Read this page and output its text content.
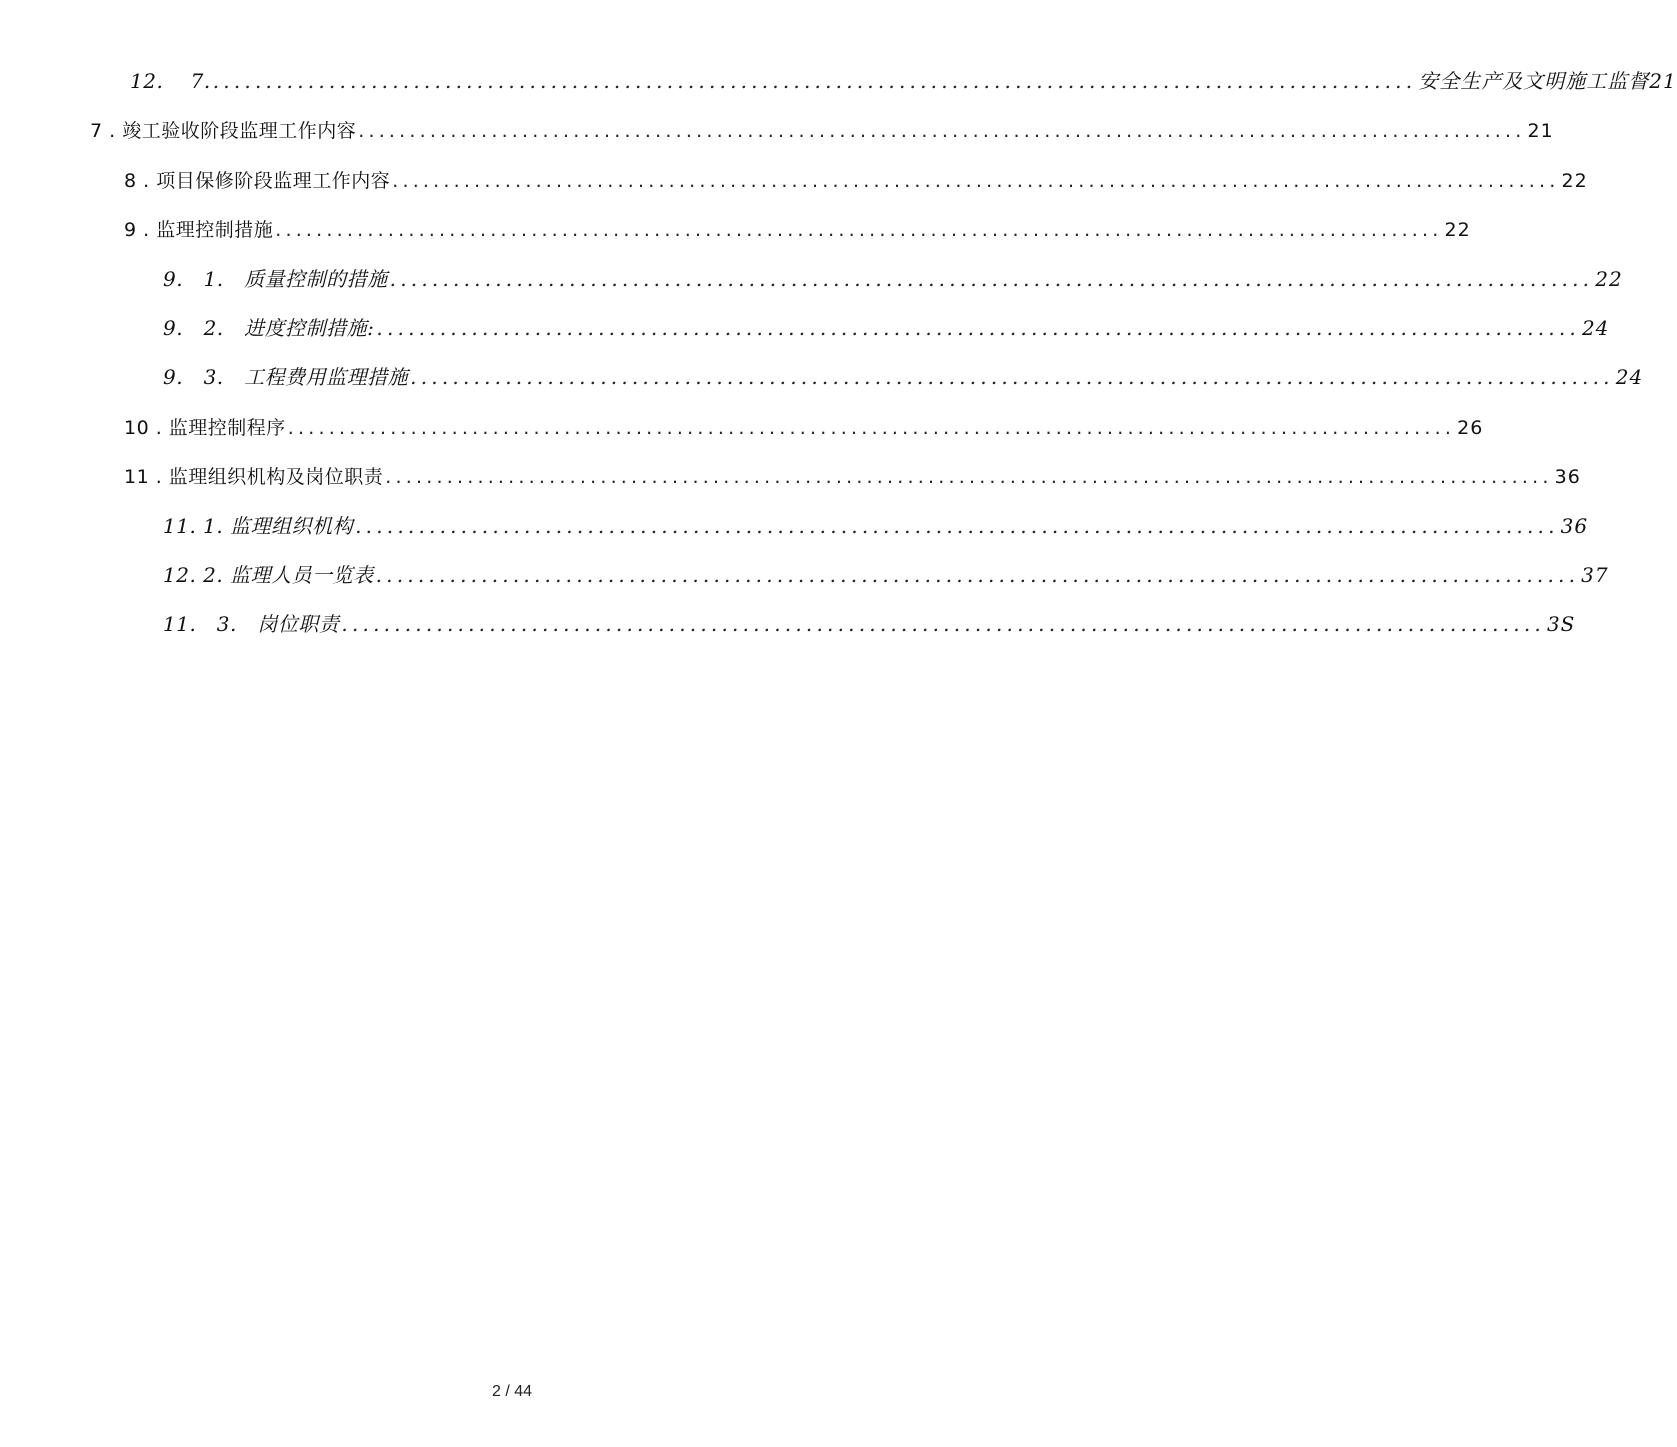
12.　 7. .................................................................................................................. 安全生产及文明施工监督21
7 . 竣工验收阶段监理工作内容 .................................................................................................................. 21
8 . 项目保修阶段监理工作内容 .................................................................................................................. 22
9 . 监理控制措施 .................................................................................................................. 22
9.　1.　质量控制的措施 .................................................................................................................. 22
9.　2.　进度控制措施: .................................................................................................................. 24
9.　3.　工程费用监理措施 .................................................................................................................. 24
10 . 监理控制程序 .................................................................................................................. 26
11 . 监理组织机构及岗位职责 .................................................................................................................. 36
11. 1. 监理组织机构 .................................................................................................................. 36
12. 2. 监理人员一览表 .................................................................................................................. 37
11.　3.　岗位职责 .................................................................................................................. 3S
2 / 44
